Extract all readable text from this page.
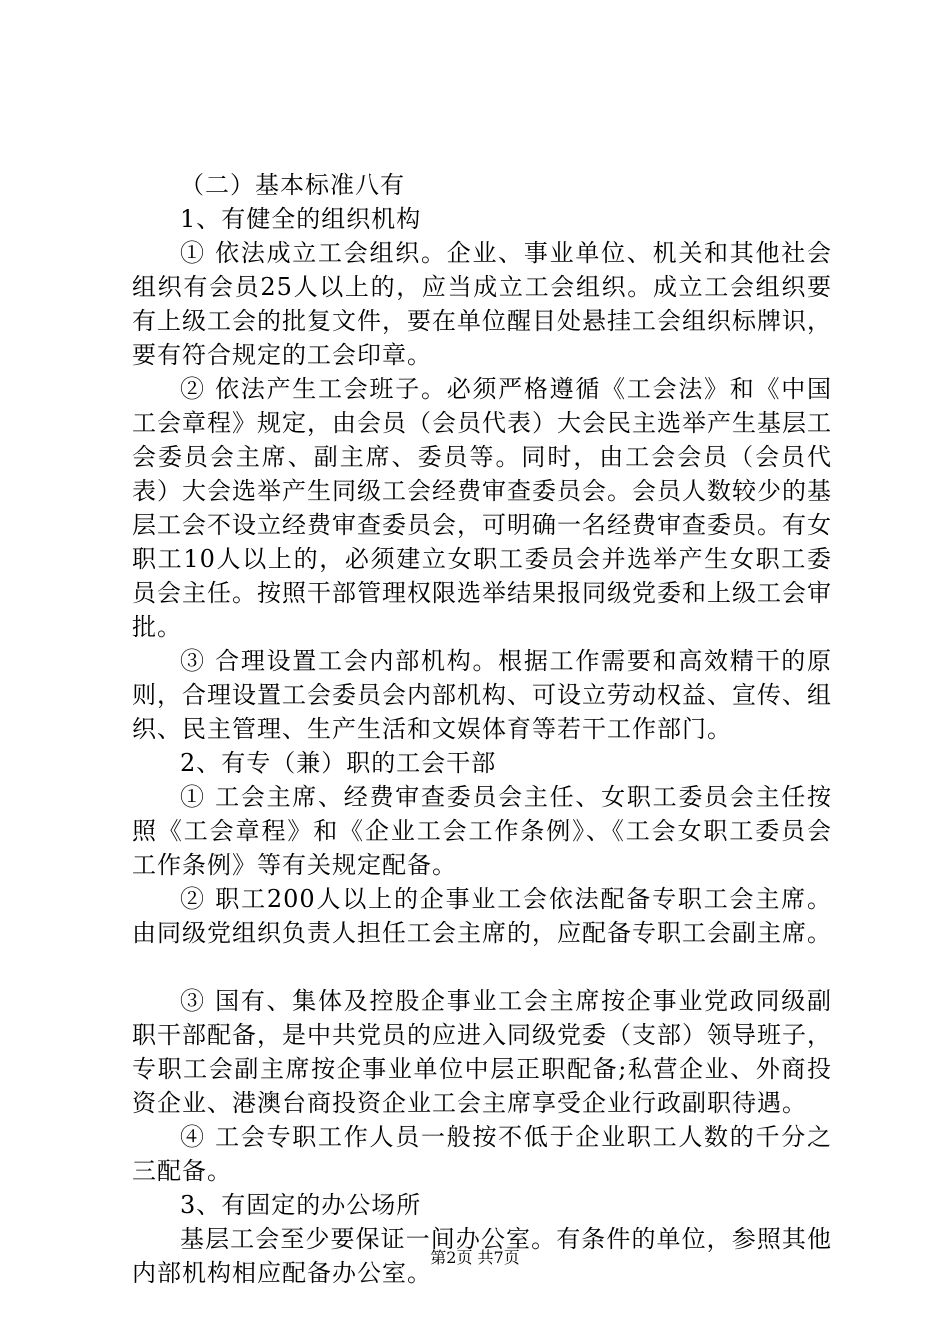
（二）基本标准八有

1、有健全的组织机构

① 依法成立工会组织。企业、事业单位、机关和其他社会组织有会员25人以上的，应当成立工会组织。成立工会组织要有上级工会的批复文件，要在单位醒目处悬挂工会组织标牌识，要有符合规定的工会印章。

② 依法产生工会班子。必须严格遵循《工会法》和《中国工会章程》规定，由会员（会员代表）大会民主选举产生基层工会委员会主席、副主席、委员等。同时，由工会会员（会员代表）大会选举产生同级工会经费审查委员会。会员人数较少的基层工会不设立经费审查委员会，可明确一名经费审查委员。有女职工10人以上的，必须建立女职工委员会并选举产生女职工委员会主任。按照干部管理权限选举结果报同级党委和上级工会审批。

③ 合理设置工会内部机构。根据工作需要和高效精干的原则，合理设置工会委员会内部机构、可设立劳动权益、宣传、组织、民主管理、生产生活和文娱体育等若干工作部门。

2、有专（兼）职的工会干部

① 工会主席、经费审查委员会主任、女职工委员会主任按照《工会章程》和《企业工会工作条例》、《工会女职工委员会工作条例》等有关规定配备。

② 职工200人以上的企事业工会依法配备专职工会主席。由同级党组织负责人担任工会主席的，应配备专职工会副主席。

③ 国有、集体及控股企事业工会主席按企事业党政同级副职干部配备，是中共党员的应进入同级党委（支部）领导班子，专职工会副主席按企事业单位中层正职配备;私营企业、外商投资企业、港澳台商投资企业工会主席享受企业行政副职待遇。

④ 工会专职工作人员一般按不低于企业职工人数的千分之三配备。

3、有固定的办公场所

基层工会至少要保证一间办公室。有条件的单位，参照其他内部机构相应配备办公室。

第2页 共7页
